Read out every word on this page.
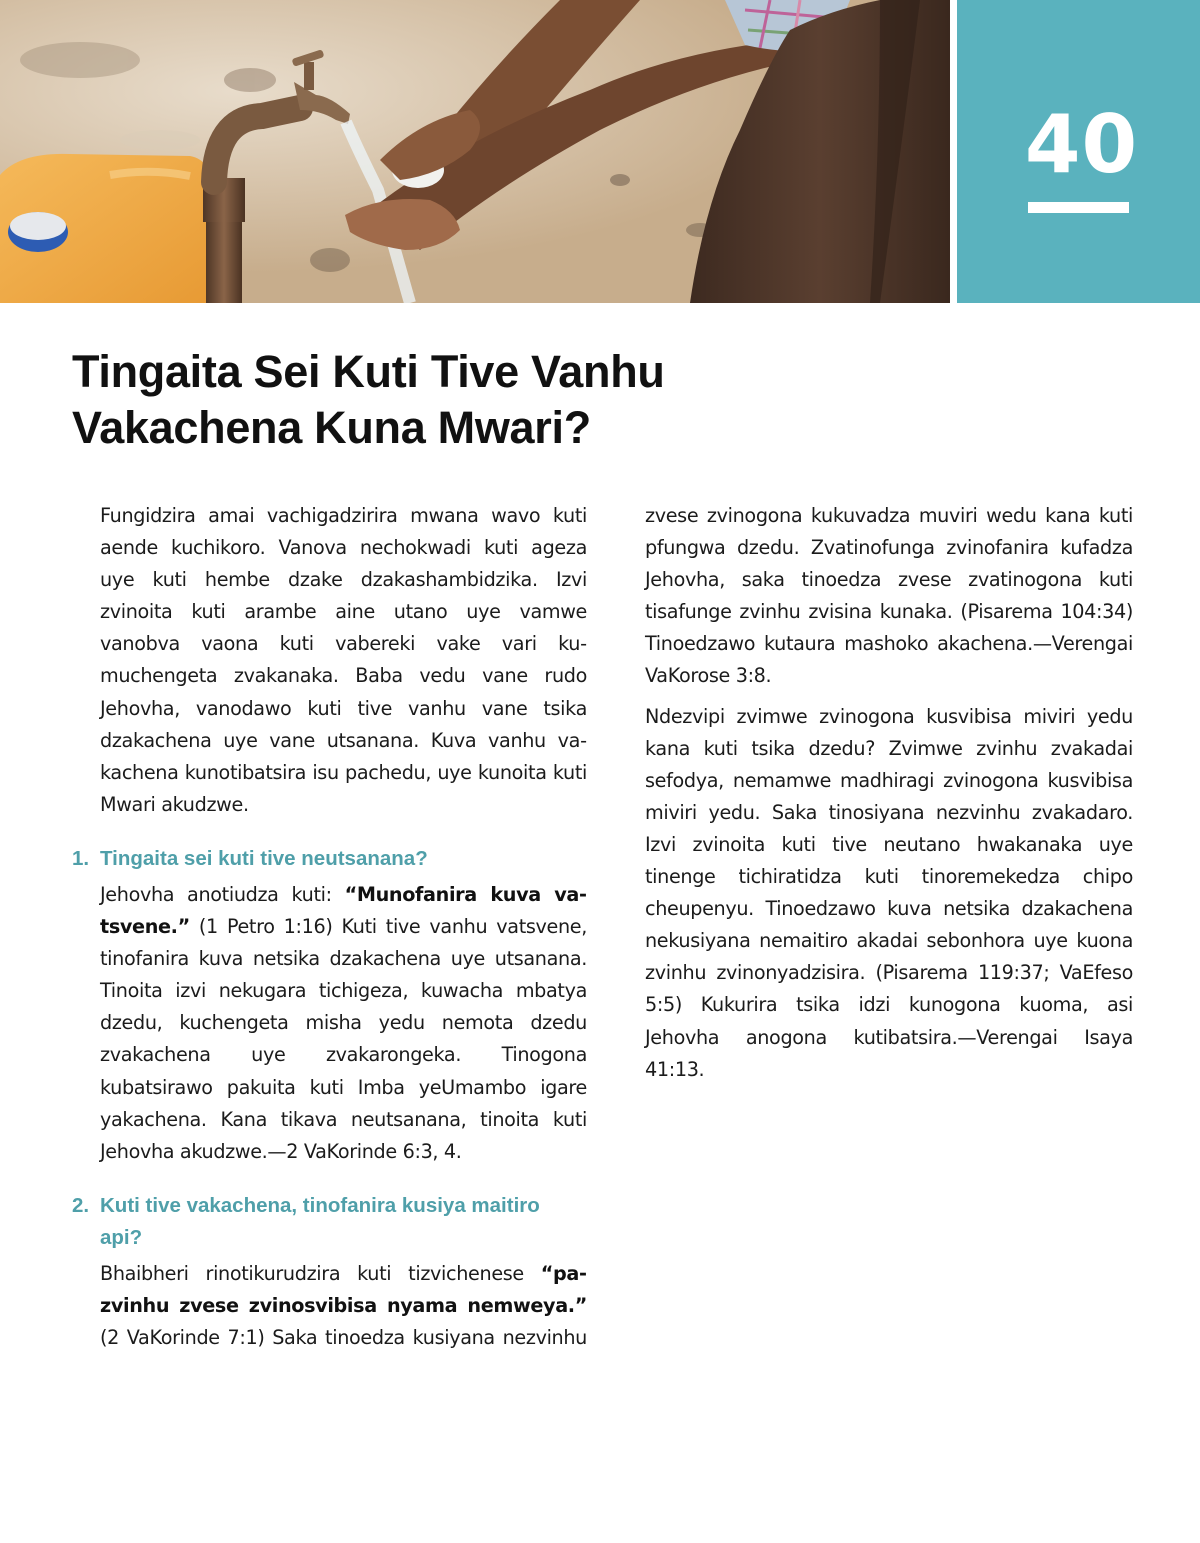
40
Tingaita Sei Kuti Tive Vanhu
Vakachena Kuna Mwari?

Fungidzira amai vachigadzirira mwana wavo kuti aende kuchikoro. Vanova nechokwadi kuti ageza uye kuti hembe dzake dzakashambidzika. Izvi zvinoita kuti arambe aine utano uye vamwe vanobva vaona kuti vabereki vake vari kumuchengeta zvakanaka. Baba vedu vane rudo Jehovha, vanodawo kuti tive vanhu vane tsika dzakachena uye vane utsanana. Kuva vanhu vakachena kunotibatsira isu pachedu, uye kunoita kuti Mwari akudzwe.

1. Tingaita sei kuti tive neutsanana?

Jehovha anotiudza kuti: “Munofanira kuva vatsvene.” (1 Petro 1:16) Kuti tive vanhu vatsvene, tinofanira kuva netsika dzakachena uye utsanana. Tinoita izvi nekugara tichigeza, kuwacha mbatya dzedu, kuchengeta misha yedu nemota dzedu zvakachena uye zvakarongeka. Tinogona kubatsirawo pakuita kuti Imba yeUmambo igare yakachena. Kana tikava neutsanana, tinoita kuti Jehovha akudzwe.—2 VaKorinde 6:3, 4.

2. Kuti tive vakachena, tinofanira kusiya maitiro api?

Bhaibheri rinotikurudzira kuti tizvichenese “pazvinhu zvese zvinosvibisa nyama nemweya.” (2 VaKorinde 7:1) Saka tinoedza kusiyana nezvinhu

zvese zvinogona kukuvadza muviri wedu kana kuti pfungwa dzedu. Zvatinofunga zvinofanira kufadza Jehovha, saka tinoedza zvese zvatinogona kuti tisafunge zvinhu zvisina kunaka. (Pisarema 104:34) Tinoedzawo kutaura mashoko akachena.—Verengai VaKorose 3:8.

Ndezvipi zvimwe zvinogona kusvibisa miviri yedu kana kuti tsika dzedu? Zvimwe zvinhu zvakadai sefodya, nemamwe madhiragi zvinogona kusvibisa miviri yedu. Saka tinosiyana nezvinhu zvakadaro. Izvi zvinoita kuti tive neutano hwakanaka uye tinenge tichiratidza kuti tinoremekedza chipo cheupenyu. Tinoedzawo kuva netsika dzakachena nekusiyana nemaitiro akadai sebonhora uye kuona zvinhu zvinonyadzisira. (Pisarema 119:37; VaEfeso 5:5) Kukurira tsika idzi kunogona kuoma, asi Jehovha anogona kutibatsira.—Verengai Isaya 41:13.
